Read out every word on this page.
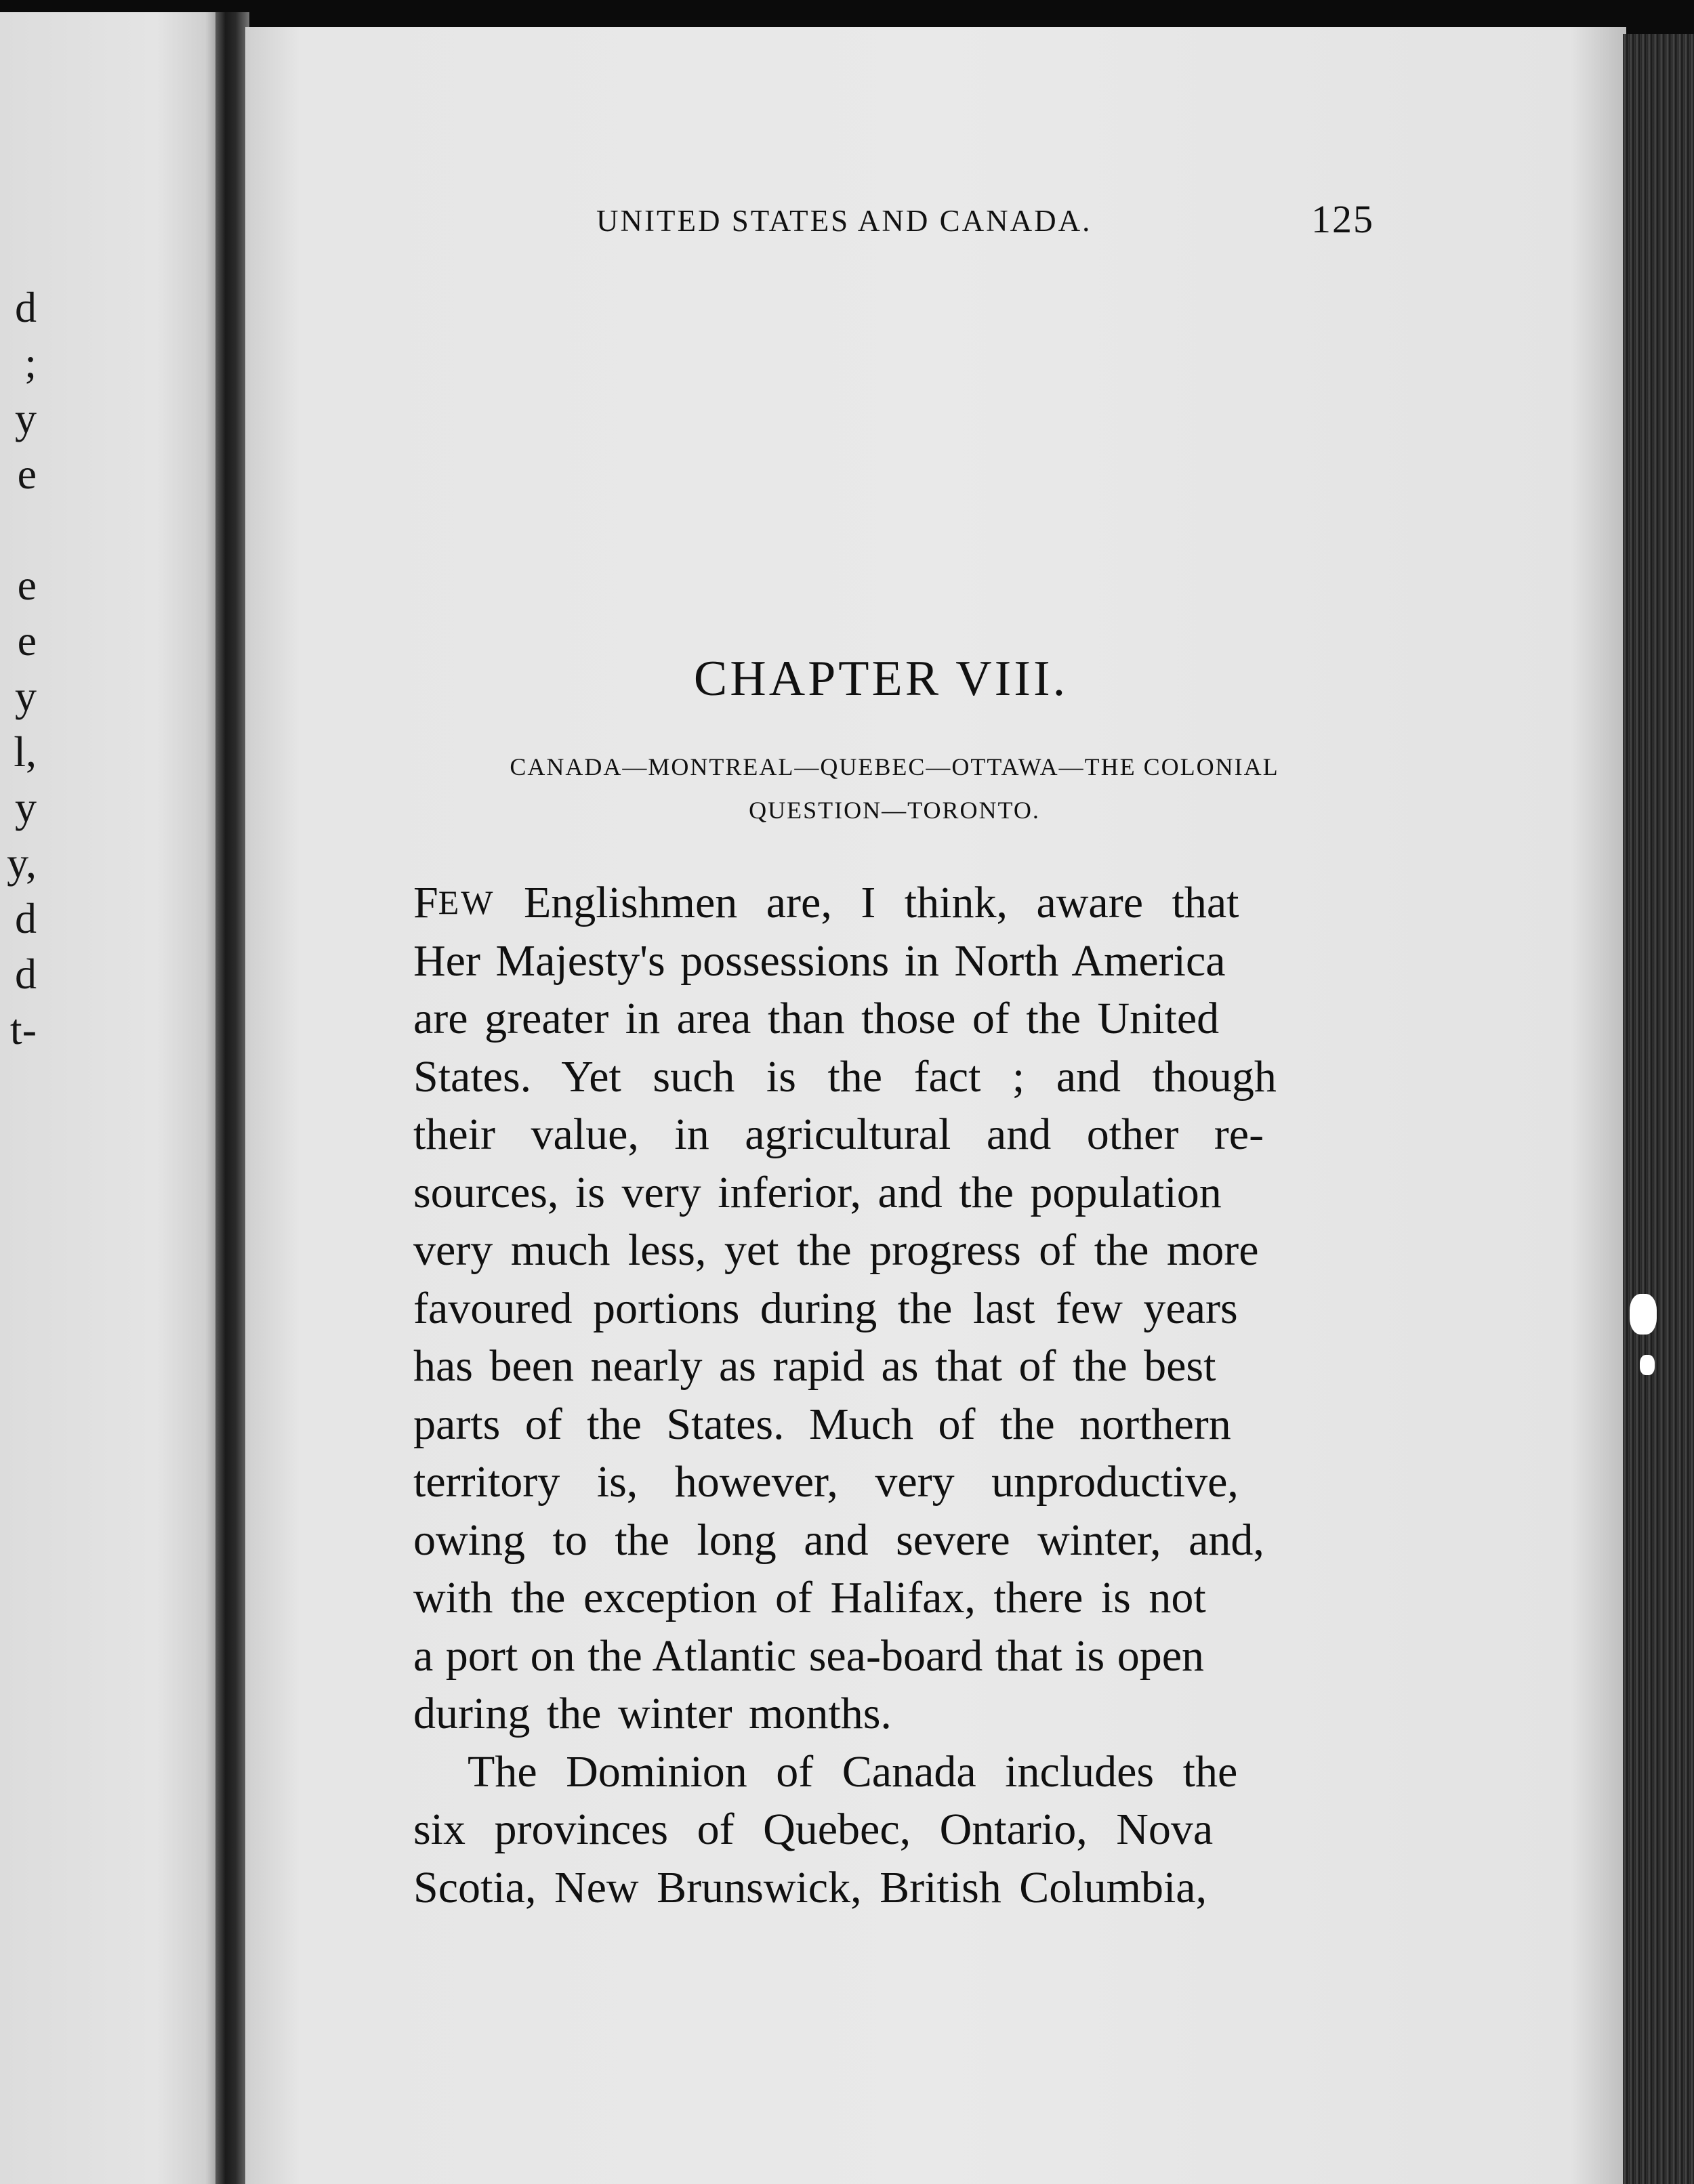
d
;
y
e
e
e
y
l,
y
y,
d
d
t-
UNITED STATES AND CANADA.	125
CHAPTER VIII.
CANADA—MONTREAL—QUEBEC—OTTAWA—THE COLONIAL
QUESTION—TORONTO.
F EW Englishmen are, I think, aware that
Her Majesty's possessions in North America
are greater in area than those of the United
States. Yet such is the fact ; and though
their value, in agricultural and other re-
sources, is very inferior, and the population
very much less, yet the progress of the more
favoured portions during the last few years
has been nearly as rapid as that of the best
parts of the States. Much of the northern
territory is, however, very unproductive,
owing to the long and severe winter, and,
with the exception of Halifax, there is not
a port on the Atlantic sea-board that is open
during the winter months.
The Dominion of Canada includes the
six provinces of Quebec, Ontario, Nova
Scotia, New Brunswick, British Columbia,
